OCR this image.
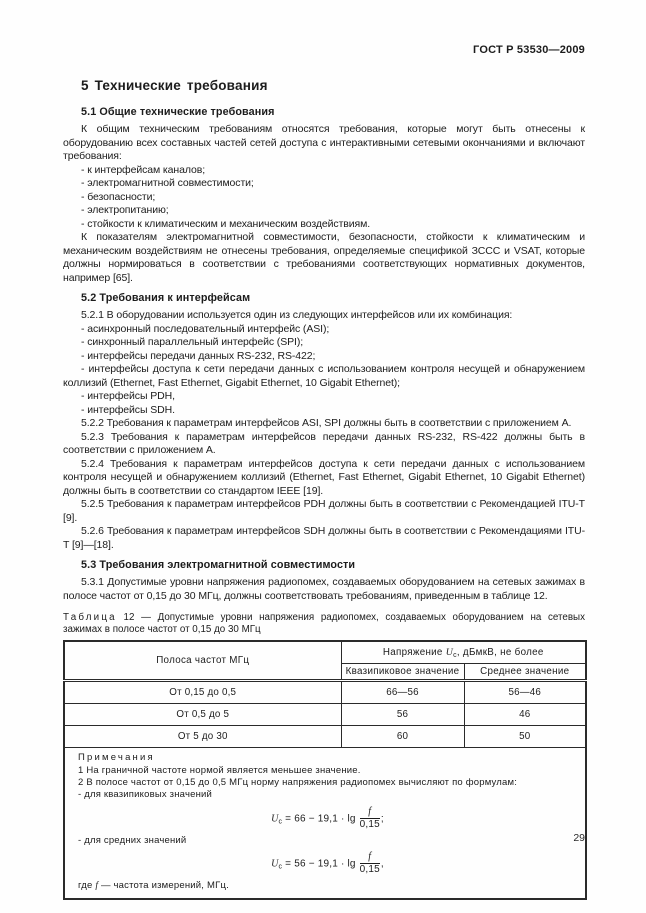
ГОСТ Р 53530—2009
5 Технические требования
5.1 Общие технические требования

К общим техническим требованиям относятся требования, которые могут быть отнесены к оборудованию всех составных частей сетей доступа с интерактивными сетевыми окончаниями и включают требования:

- к интерфейсам каналов;

- электромагнитной совместимости;

- безопасности;

- электропитанию;

- стойкости к климатическим и механическим воздействиям.

К показателям электромагнитной совместимости, безопасности, стойкости к климатическим и механическим воздействиям не отнесены требования, определяемые спецификой ЗССС и VSAT, которые должны нормироваться в соответствии с требованиями соответствующих нормативных документов, например [65].

5.2 Требования к интерфейсам

5.2.1 В оборудовании используется один из следующих интерфейсов или их комбинация:

- асинхронный последовательный интерфейс (ASI);

- синхронный параллельный интерфейс (SPI);

- интерфейсы передачи данных RS-232, RS-422;

- интерфейсы доступа к сети передачи данных с использованием контроля несущей и обнаружением коллизий (Ethernet, Fast Ethernet, Gigabit Ethernet, 10 Gigabit Ethernet);

- интерфейсы PDH,

- интерфейсы SDH.

5.2.2 Требования к параметрам интерфейсов ASI, SPI должны быть в соответствии с приложением А.

5.2.3 Требования к параметрам интерфейсов передачи данных RS-232, RS-422 должны быть в соответствии с приложением А.

5.2.4 Требования к параметрам интерфейсов доступа к сети передачи данных с использованием контроля несущей и обнаружением коллизий (Ethernet, Fast Ethernet, Gigabit Ethernet, 10 Gigabit Ethernet) должны быть в соответствии со стандартом IEEE [19].

5.2.5 Требования к параметрам интерфейсов PDH должны быть в соответствии с Рекомендацией ITU-T [9].

5.2.6 Требования к параметрам интерфейсов SDH должны быть в соответствии с Рекомендациями ITU-T [9]—[18].

5.3 Требования электромагнитной совместимости

5.3.1 Допустимые уровни напряжения радиопомех, создаваемых оборудованием на сетевых зажимах в полосе частот от 0,15 до 30 МГц, должны соответствовать требованиям, приведенным в таблице 12.

Таблица 12 — Допустимые уровни напряжения радиопомех, создаваемых оборудованием на сетевых зажимах в полосе частот от 0,15 до 30 МГц

Полоса частот МГц	Напряжение $U_с$, дБмкВ, не более	
	Квазипиковое значение	Среднее значение
От 0,15 до 0,5	66—56	56—46
От 0,5 до 5	56	46
От 5 до 30	60	50

Примечания

1 На граничной частоте нормой является меньшее значение.

2 В полосе частот от 0,15 до 0,5 МГц норму напряжения радиопомех вычисляют по формулам:

- для квазипиковых значений

$U_с = 66 - 19,1 \cdot \lg \frac{f}{0,15}$ ;

- для средних значений

$U_с = 56 - 19,1 \cdot \lg \frac{f}{0,15}$ ,

где f — частота измерений, МГц.

29
